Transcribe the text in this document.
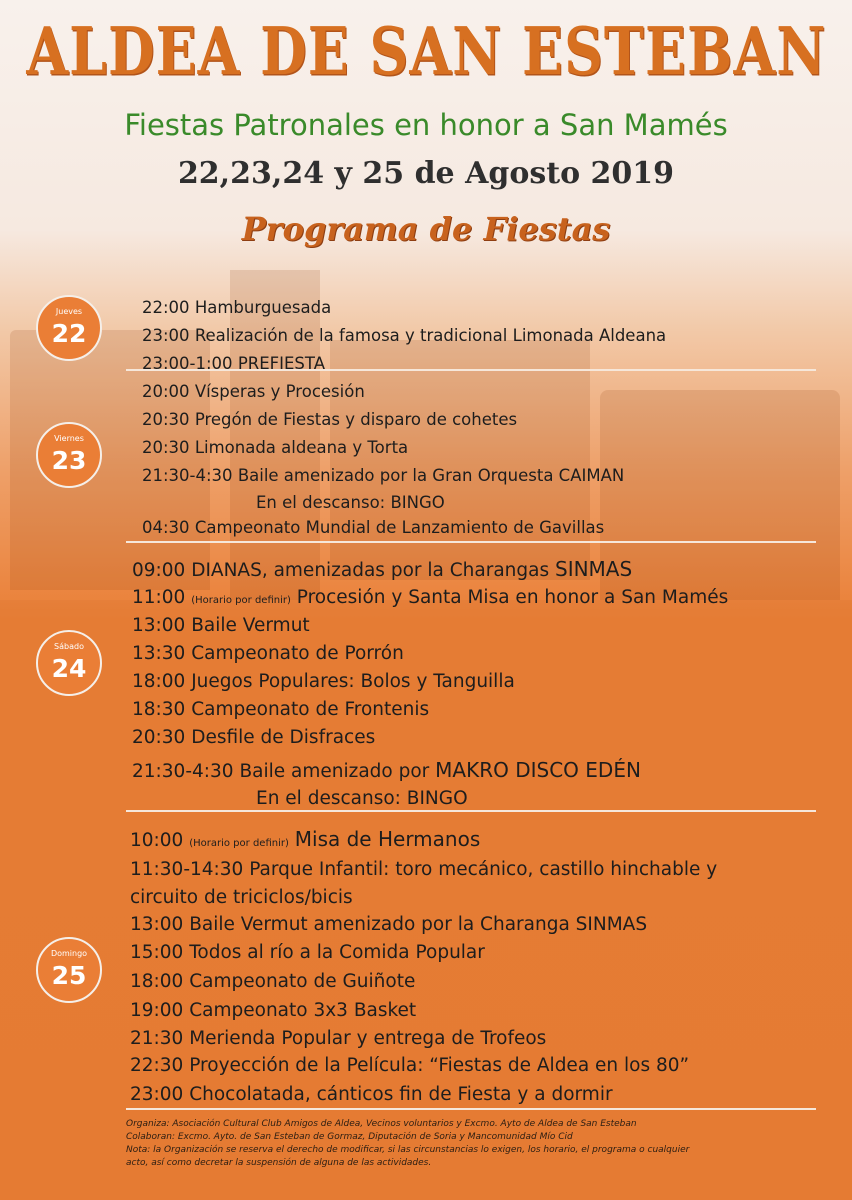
ALDEA DE SAN ESTEBAN
Fiestas Patronales en honor a San Mamés
22,23,24 y 25 de Agosto 2019
Programa de Fiestas
Jueves
22
22:00 Hamburguesada
23:00 Realización de la famosa y tradicional Limonada Aldeana
23:00-1:00 PREFIESTA
Viernes
23
20:00 Vísperas y Procesión
20:30 Pregón de Fiestas y disparo de cohetes
20:30 Limonada aldeana y Torta
21:30-4:30 Baile amenizado por la Gran Orquesta CAIMAN
En el descanso: BINGO
04:30 Campeonato Mundial de Lanzamiento de Gavillas
Sábado
24
09:00 DIANAS, amenizadas por la Charangas SINMAS
11:00 (Horario por definir) Procesión y Santa Misa en honor a San Mamés
13:00 Baile Vermut
13:30 Campeonato de Porrón
18:00 Juegos Populares: Bolos y Tanguilla
18:30 Campeonato de Frontenis
20:30 Desfile de Disfraces
21:30-4:30 Baile amenizado por MAKRO DISCO EDÉN
En el descanso: BINGO
Domingo
25
10:00 (Horario por definir) Misa de Hermanos
11:30-14:30 Parque Infantil: toro mecánico, castillo hinchable y
circuito de triciclos/bicis
13:00 Baile Vermut amenizado por la Charanga SINMAS
15:00 Todos al río a la Comida Popular
18:00 Campeonato de Guiñote
19:00 Campeonato 3x3 Basket
21:30 Merienda Popular y entrega de Trofeos
22:30 Proyección de la Película: “Fiestas de Aldea en los 80”
23:00 Chocolatada, cánticos fin de Fiesta y a dormir
Organiza: Asociación Cultural Club Amigos de Aldea, Vecinos voluntarios y Excmo. Ayto de Aldea de San Esteban
Colaboran: Excmo. Ayto. de San Esteban de Gormaz, Diputación de Soria y Mancomunidad Mío Cid
Nota: la Organización se reserva el derecho de modificar, si las circunstancias lo exigen, los horario, el programa o cualquier
acto, así como decretar la suspensión de alguna de las actividades.
